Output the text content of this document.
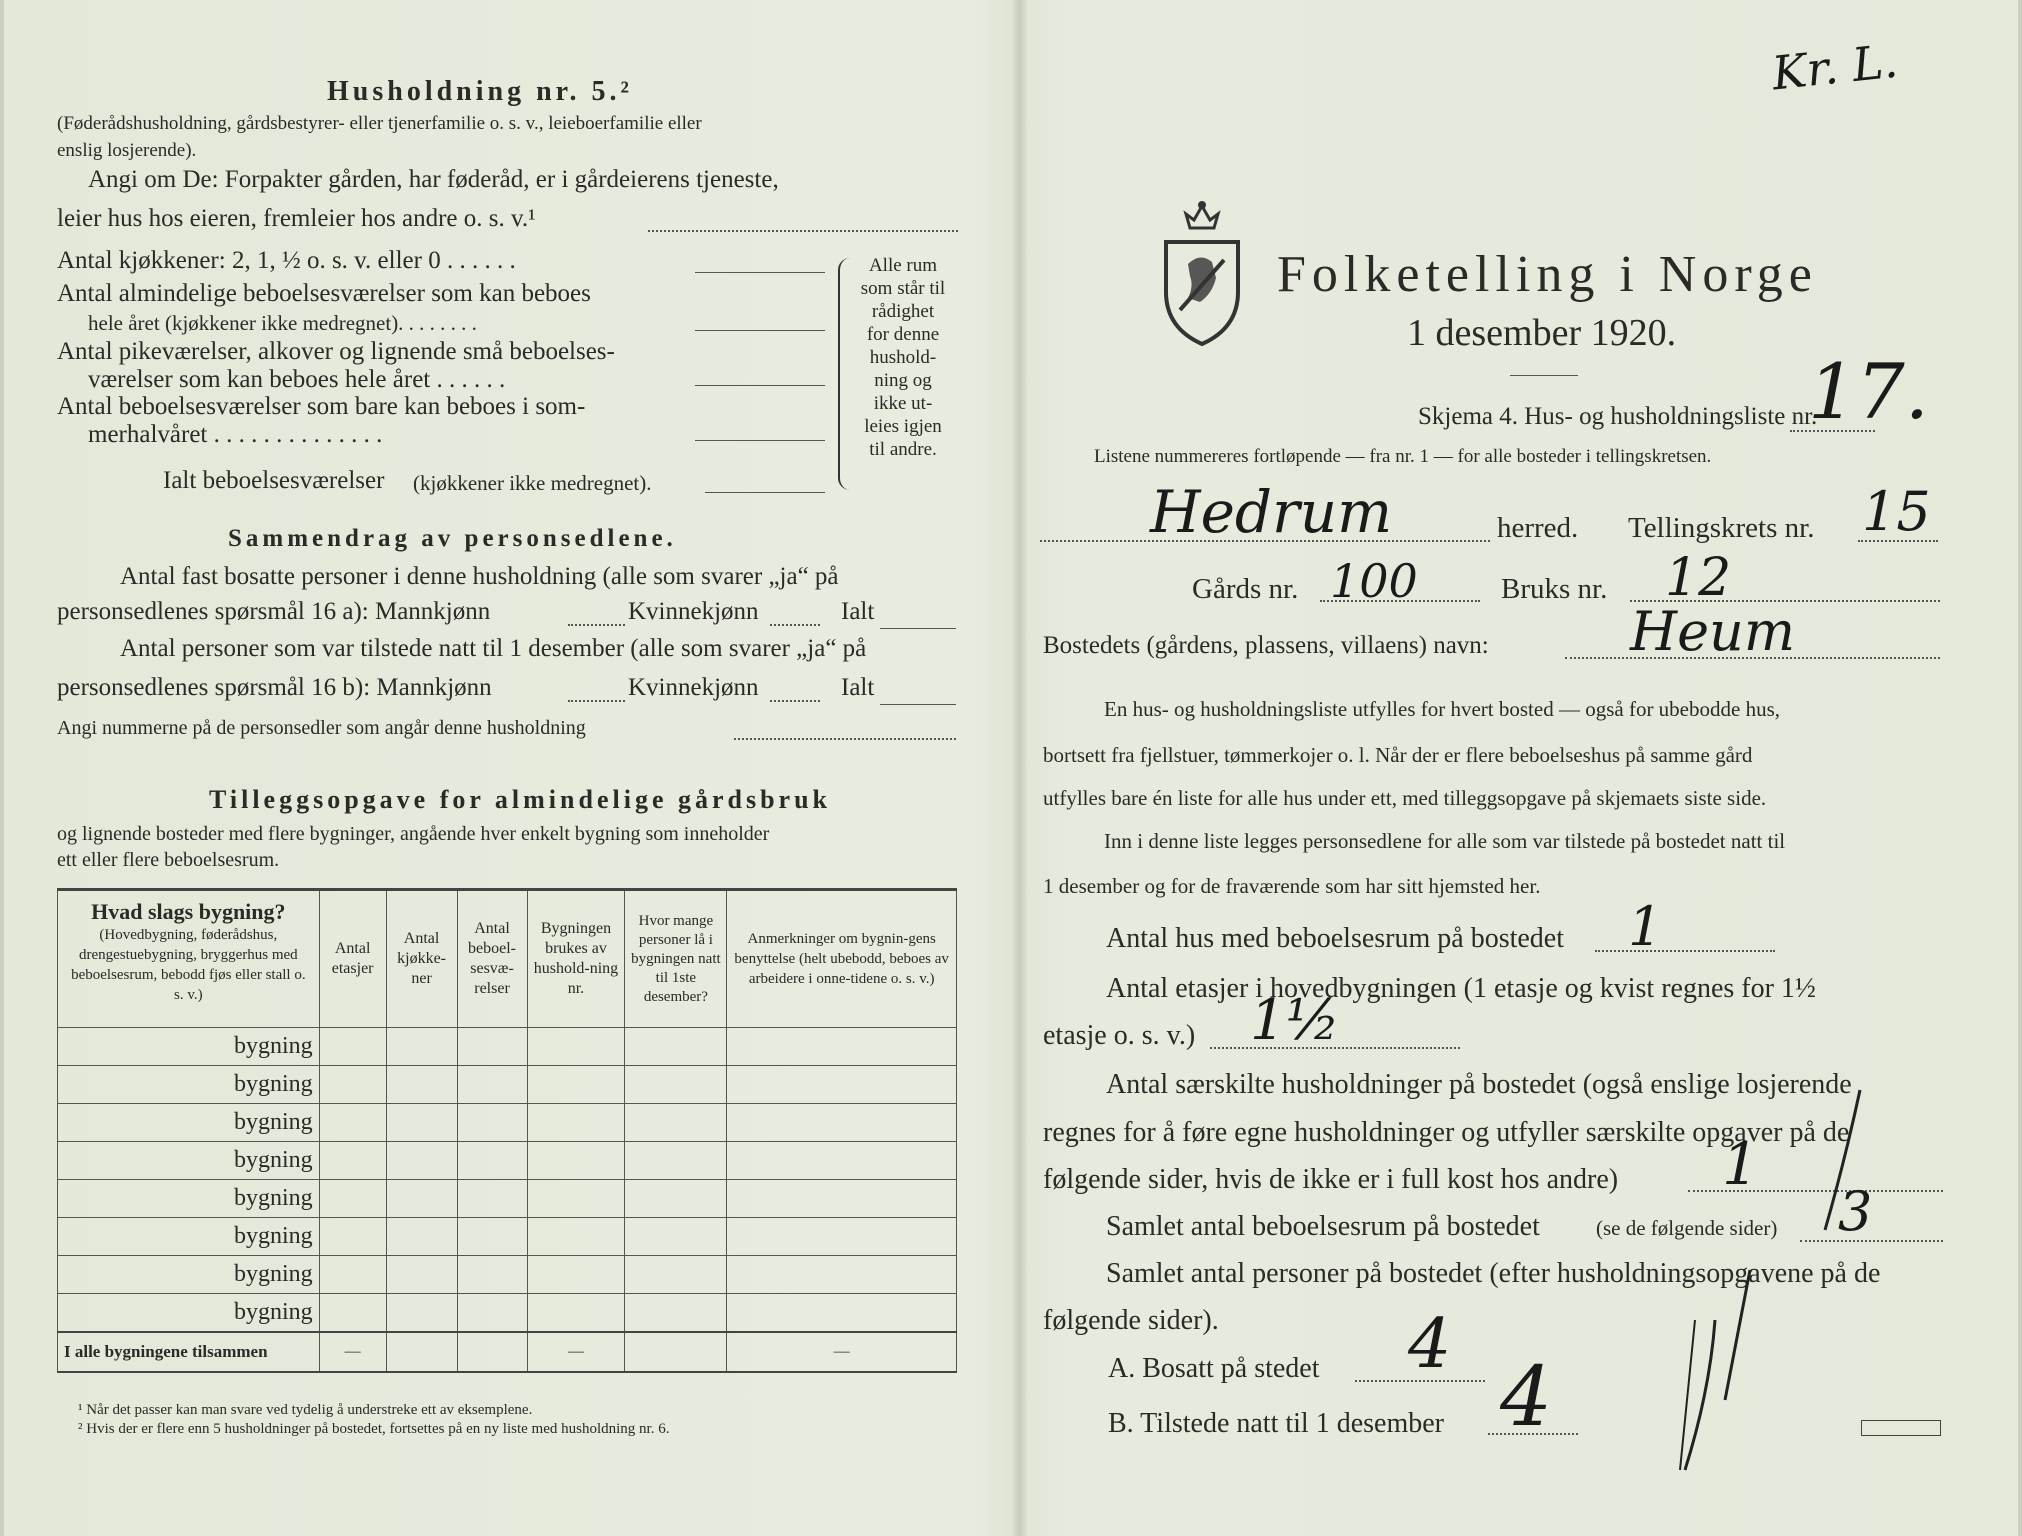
Husholdning nr. 5.²
(Føderådshusholdning, gårdsbestyrer- eller tjenerfamilie o. s. v., leieboerfamilie eller
enslig losjerende).
Angi om De: Forpakter gården, har føderåd, er i gårdeierens tjeneste,
leier hus hos eieren, fremleier hos andre o. s. v.¹
Antal kjøkkener: 2, 1, ½ o. s. v. eller 0 . . . . . .
Antal almindelige beboelsesværelser som kan beboes
hele året (kjøkkener ikke medregnet). . . . . . . .
Antal pikeværelser, alkover og lignende små beboelses-
værelser som kan beboes hele året . . . . . .
Antal beboelsesværelser som bare kan beboes i som-
merhalvåret . . . . . . . . . . . . . .
Alle rum
som står til
rådighet
for denne
hushold-
ning og
ikke ut-
leies igjen
til andre.
Ialt beboelsesværelser (kjøkkener ikke medregnet).
Sammendrag av personsedlene.
Antal fast bosatte personer i denne husholdning (alle som svarer „ja“ på
personsedlenes spørsmål 16 a): Mannkjønn	Kvinnekjønn	Ialt
Antal personer som var tilstede natt til 1 desember (alle som svarer „ja“ på
personsedlenes spørsmål 16 b): Mannkjønn	Kvinnekjønn	Ialt
Angi nummerne på de personsedler som angår denne husholdning
Tilleggsopgave for almindelige gårdsbruk
og lignende bosteder med flere bygninger, angående hver enkelt bygning som inneholder
ett eller flere beboelsesrum.
Hvad slags bygning?
(Hovedbygning, føderådshus, drengestuebygning, bryggerhus med beboelsesrum, bebodd fjøs eller stall o. s. v.)	Antal etasjer	Antal kjøkke-ner	Antal beboel-sesvæ-relser	Bygningen brukes av hushold-ning nr.	Hvor mange personer lå i bygningen natt til 1ste desember?	Anmerkninger om bygnin-gens benyttelse (helt ubebodd, beboes av arbeidere i onne-tidene o. s. v.)
bygning						
bygning						
bygning						
bygning						
bygning						
bygning						
bygning						
bygning						
I alle bygningene tilsammen	—			—		—
¹ Når det passer kan man svare ved tydelig å understreke ett av eksemplene.
² Hvis der er flere enn 5 husholdninger på bostedet, fortsettes på en ny liste med husholdning nr. 6.
Kr. L.
Folketelling i Norge
1 desember 1920.
Skjema 4. Hus- og husholdningsliste nr.
17.
Listene nummereres fortløpende — fra nr. 1 — for alle bosteder i tellingskretsen.
Hedrum	herred. Tellingskrets nr. 15
Gårds nr. 100	Bruks nr. 12
Bostedets (gårdens, plassens, villaens) navn:	Heum
En hus- og husholdningsliste utfylles for hvert bosted — også for ubebodde hus,
bortsett fra fjellstuer, tømmerkojer o. l. Når der er flere beboelseshus på samme gård
utfylles bare én liste for alle hus under ett, med tilleggsopgave på skjemaets siste side.
Inn i denne liste legges personsedlene for alle som var tilstede på bostedet natt til
1 desember og for de fraværende som har sitt hjemsted her.
Antal hus med beboelsesrum på bostedet 1
Antal etasjer i hovedbygningen (1 etasje og kvist regnes for 1½
etasje o. s. v.) 1½
Antal særskilte husholdninger på bostedet (også enslige losjerende
regnes for å føre egne husholdninger og utfyller særskilte opgaver på de
følgende sider, hvis de ikke er i full kost hos andre) 1
Samlet antal beboelsesrum på bostedet	(se de følgende sider) 3
Samlet antal personer på bostedet (efter husholdningsopgavene på de
følgende sider).
A. Bosatt på stedet 4
B. Tilstede natt til 1 desember 4
